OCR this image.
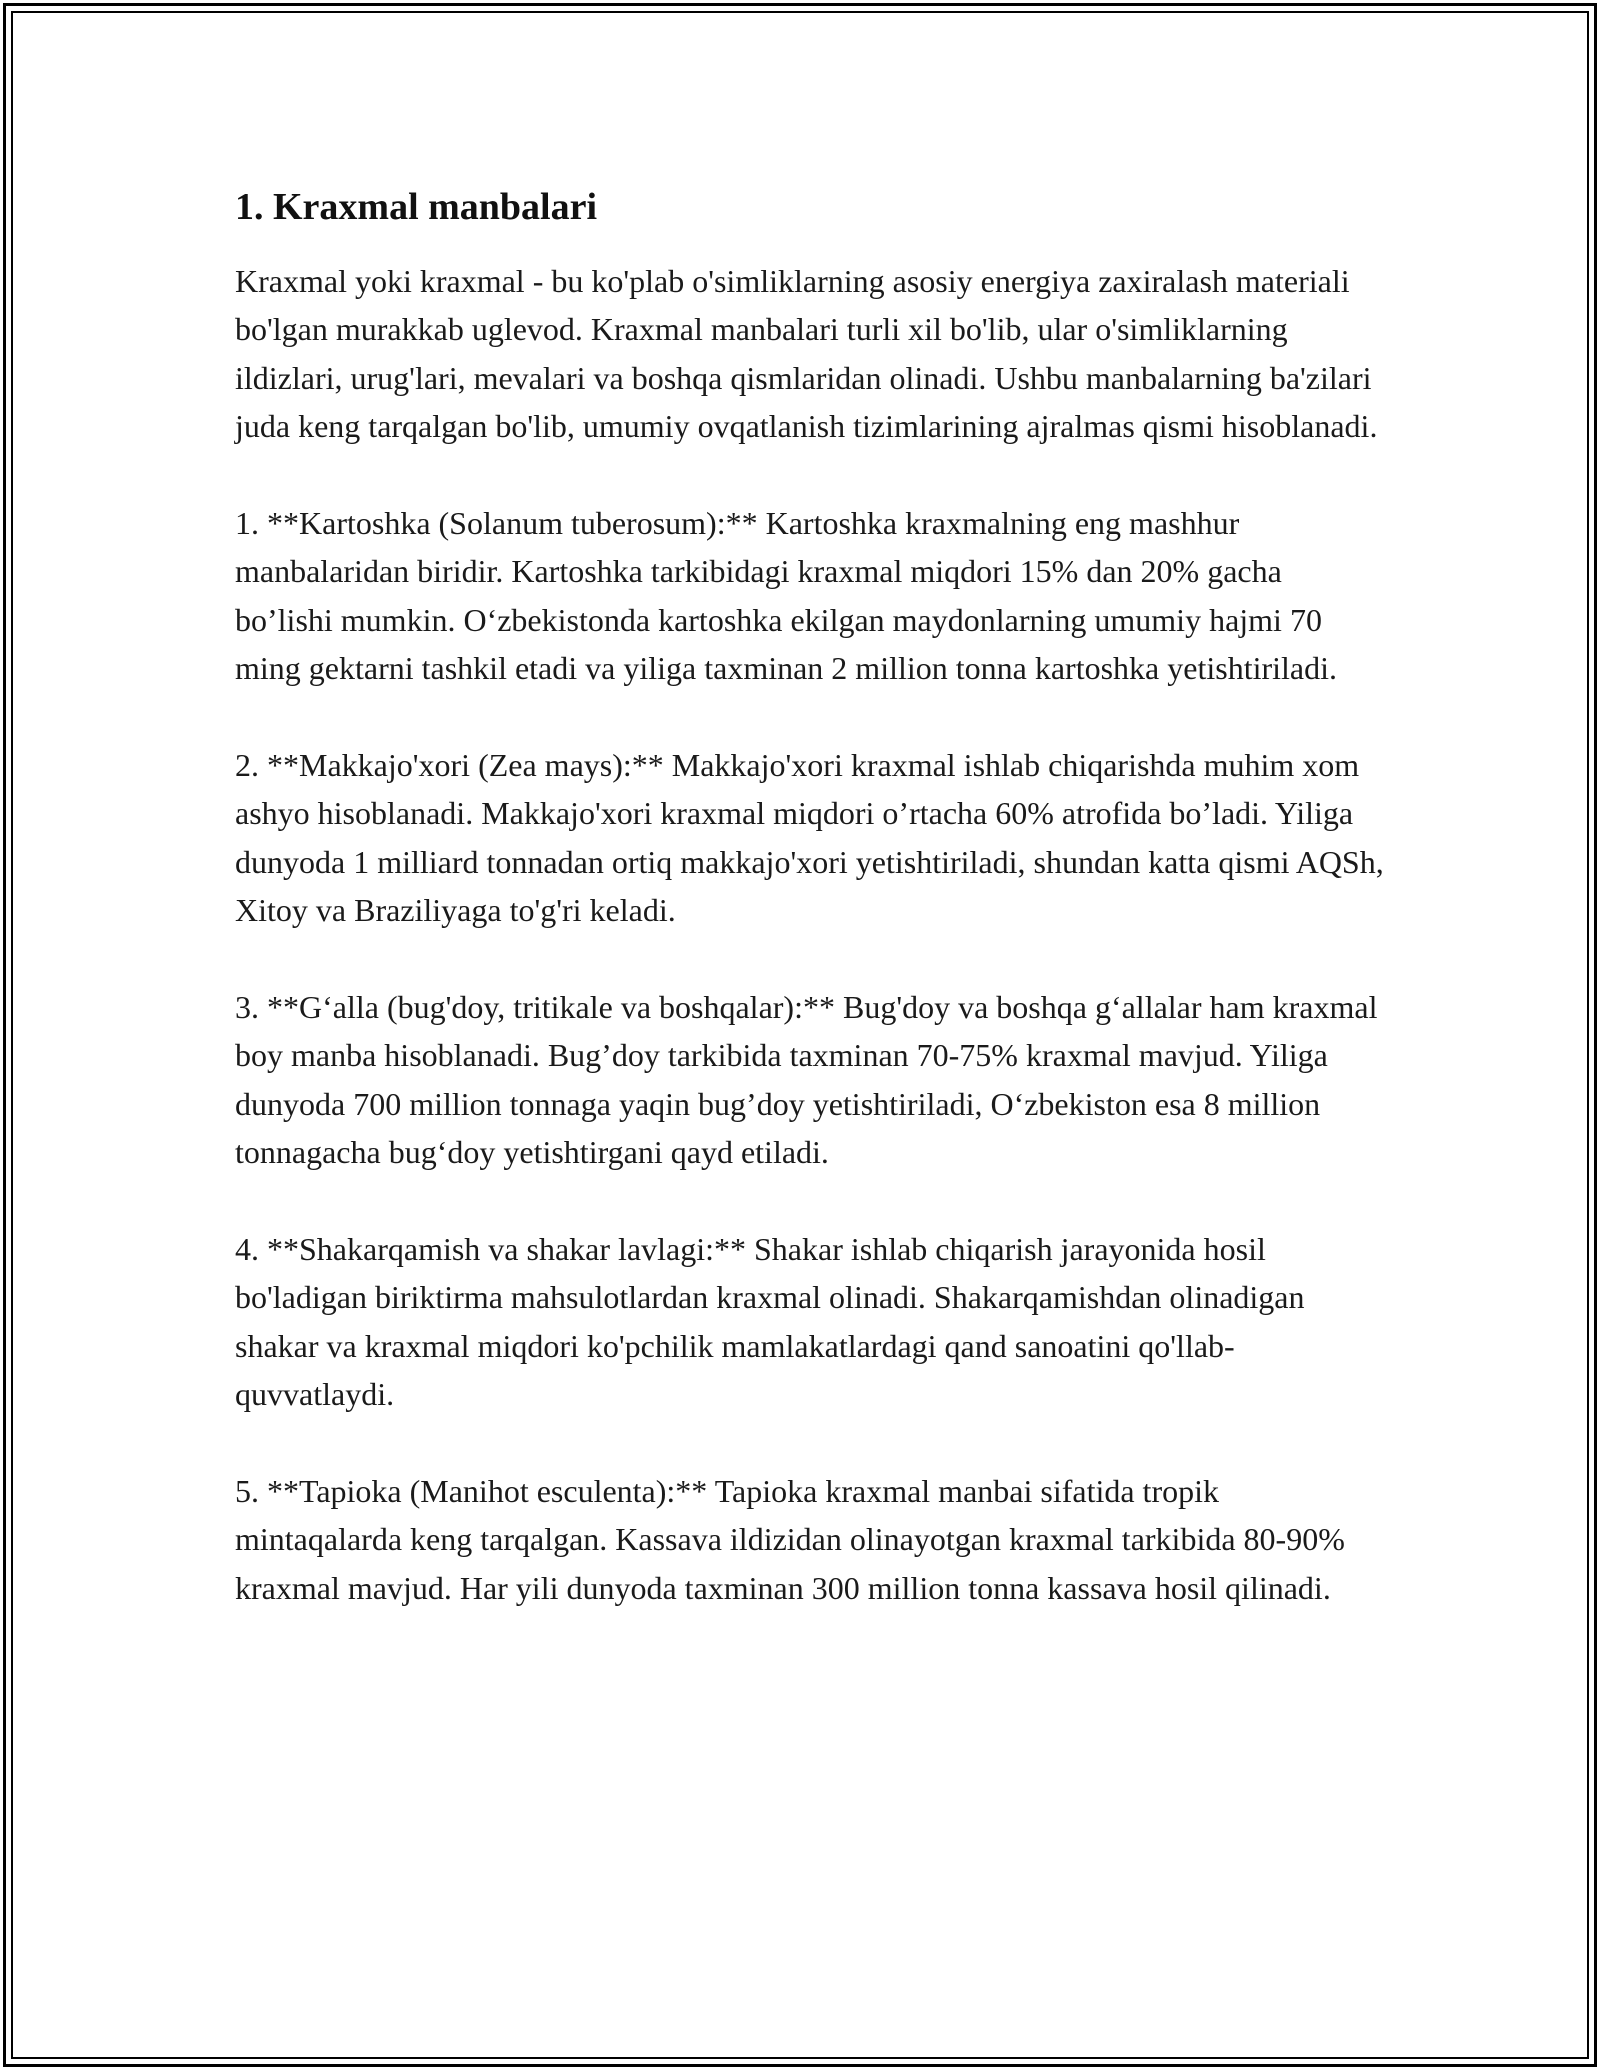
1. Kraxmal manbalari

Kraxmal yoki kraxmal - bu ko'plab o'simliklarning asosiy energiya zaxiralash materiali bo'lgan murakkab uglevod. Kraxmal manbalari turli xil bo'lib, ular o'simliklarning ildizlari, urug'lari, mevalari va boshqa qismlaridan olinadi. Ushbu manbalarning ba'zilari juda keng tarqalgan bo'lib, umumiy ovqatlanish tizimlarining ajralmas qismi hisoblanadi.

1. **Kartoshka (Solanum tuberosum):** Kartoshka kraxmalning eng mashhur manbalaridan biridir. Kartoshka tarkibidagi kraxmal miqdori 15% dan 20% gacha bo’lishi mumkin. O‘zbekistonda kartoshka ekilgan maydonlarning umumiy hajmi 70 ming gektarni tashkil etadi va yiliga taxminan 2 million tonna kartoshka yetishtiriladi.

2. **Makkajo'xori (Zea mays):** Makkajo'xori kraxmal ishlab chiqarishda muhim xom ashyo hisoblanadi. Makkajo'xori kraxmal miqdori o’rtacha 60% atrofida bo’ladi. Yiliga dunyoda 1 milliard tonnadan ortiq makkajo'xori yetishtiriladi, shundan katta qismi AQSh, Xitoy va Braziliyaga to'g'ri keladi.

3. **G‘alla (bug'doy, tritikale va boshqalar):** Bug'doy va boshqa g‘allalar ham kraxmal boy manba hisoblanadi. Bug’doy tarkibida taxminan 70-75% kraxmal mavjud. Yiliga dunyoda 700 million tonnaga yaqin bug’doy yetishtiriladi, O‘zbekiston esa 8 million tonnagacha bug‘doy yetishtirgani qayd etiladi.

4. **Shakarqamish va shakar lavlagi:** Shakar ishlab chiqarish jarayonida hosil bo'ladigan biriktirma mahsulotlardan kraxmal olinadi. Shakarqamishdan olinadigan shakar va kraxmal miqdori ko'pchilik mamlakatlardagi qand sanoatini qo'llab-quvvatlaydi.

5. **Tapioka (Manihot esculenta):** Tapioka kraxmal manbai sifatida tropik mintaqalarda keng tarqalgan. Kassava ildizidan olinayotgan kraxmal tarkibida 80-90% kraxmal mavjud. Har yili dunyoda taxminan 300 million tonna kassava hosil qilinadi.
